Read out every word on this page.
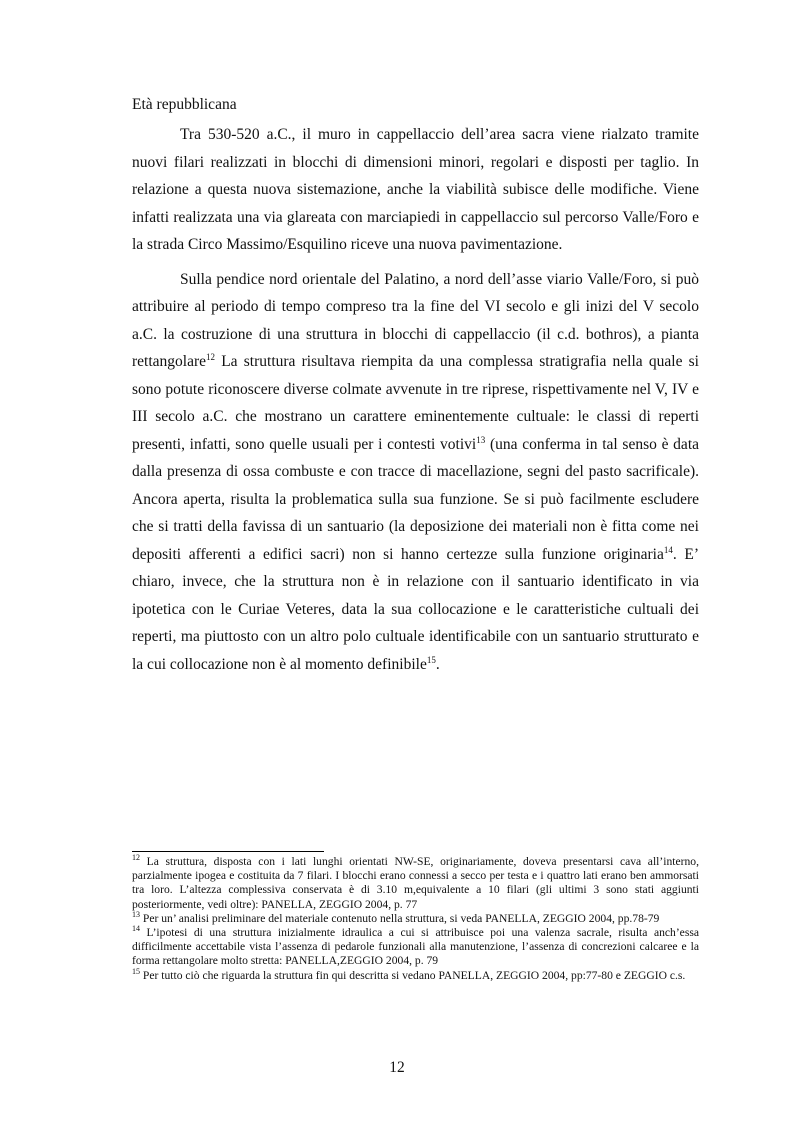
Età repubblicana

Tra 530-520 a.C., il muro in cappellaccio dell’area sacra viene rialzato tramite nuovi filari realizzati in blocchi di dimensioni minori, regolari e disposti per taglio. In relazione a questa nuova sistemazione, anche la viabilità subisce delle modifiche. Viene infatti realizzata una via glareata con marciapiedi in cappellaccio sul percorso Valle/Foro e la strada Circo Massimo/Esquilino riceve una nuova pavimentazione.

Sulla pendice nord orientale del Palatino, a nord dell’asse viario Valle/Foro, si può attribuire al periodo di tempo compreso tra la fine del VI secolo e gli inizi del V secolo a.C. la costruzione di una struttura in blocchi di cappellaccio (il c.d. bothros), a pianta rettangolare$^{12}$ La struttura risultava riempita da una complessa stratigrafia nella quale si sono potute riconoscere diverse colmate avvenute in tre riprese, rispettivamente nel V, IV e III secolo a.C. che mostrano un carattere eminentemente cultuale: le classi di reperti presenti, infatti, sono quelle usuali per i contesti votivi$^{13}$ (una conferma in tal senso è data dalla presenza di ossa combuste e con tracce di macellazione, segni del pasto sacrificale). Ancora aperta, risulta la problematica sulla sua funzione. Se si può facilmente escludere che si tratti della favissa di un santuario (la deposizione dei materiali non è fitta come nei depositi afferenti a edifici sacri) non si hanno certezze sulla funzione originaria$^{14}$. E’ chiaro, invece, che la struttura non è in relazione con il santuario identificato in via ipotetica con le Curiae Veteres, data la sua collocazione e le caratteristiche cultuali dei reperti, ma piuttosto con un altro polo cultuale identificabile con un santuario strutturato e la cui collocazione non è al momento definibile$^{15}$.

$^{12}$ La struttura, disposta con i lati lunghi orientati NW-SE, originariamente, doveva presentarsi cava all’interno, parzialmente ipogea e costituita da 7 filari. I blocchi erano connessi a secco per testa e i quattro lati erano ben ammorsati tra loro. L’altezza complessiva conservata è di 3.10 m,equivalente a 10 filari (gli ultimi 3 sono stati aggiunti posteriormente, vedi oltre): PANELLA, ZEGGIO 2004, p. 77

$^{13}$ Per un’ analisi preliminare del materiale contenuto nella struttura, si veda PANELLA, ZEGGIO 2004, pp.78-79

$^{14}$ L’ipotesi di una struttura inizialmente idraulica a cui si attribuisce poi una valenza sacrale, risulta anch’essa difficilmente accettabile vista l’assenza di pedarole funzionali alla manutenzione, l’assenza di concrezioni calcaree e la forma rettangolare molto stretta: PANELLA,ZEGGIO 2004, p. 79

$^{15}$ Per tutto ciò che riguarda la struttura fin qui descritta si vedano PANELLA, ZEGGIO 2004, pp:77-80 e ZEGGIO c.s.

12
